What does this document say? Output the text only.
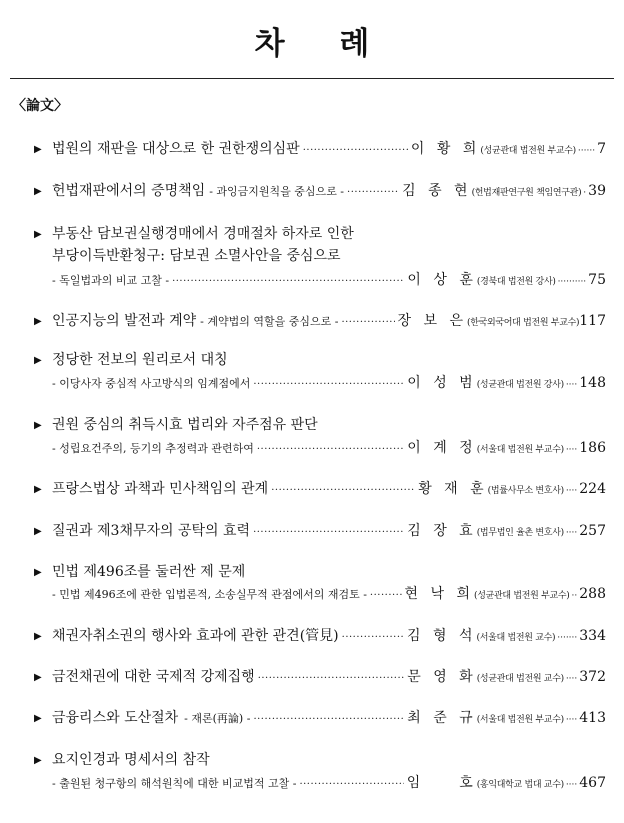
차 례
〈論文〉
▶ 법원의 재판을 대상으로 한 권한쟁의심판 ·····	이 황 희 (성균관대 법전원 부교수) ······ 7
▶ 헌법재판에서의 증명책임 - 과잉금지원칙을 중심으로 - ·····	김 종 현 (헌법재판연구원 책임연구관) · 39
▶ 부동산 담보권실행경매에서 경매절차 하자로 인한
부당이득반환청구: 담보권 소멸사안을 중심으로
- 독일법과의 비교 고찰 - ·····	이 상 훈 (경북대 법전원 강사) ·········· 75
▶ 인공지능의 발전과 계약 - 계약법의 역할을 중심으로 - ·····	장 보 은 (한국외국어대 법전원 부교수) 117
▶ 정당한 전보의 원리로서 대칭
- 이당사자 중심적 사고방식의 임계점에서 ·····	이 성 범 (성균관대 법전원 강사) ···· 148
▶ 권원 중심의 취득시효 법리와 자주점유 판단
- 성립요건주의, 등기의 추정력과 관련하여 ·····	이 계 정 (서울대 법전원 부교수) ···· 186
▶ 프랑스법상 과책과 민사책임의 관계 ·····	황 재 훈 (법률사무소 변호사) ···· 224
▶ 질권과 제3채무자의 공탁의 효력 ·····	김 장 효 (법무법인 율촌 변호사) ···· 257
▶ 민법 제496조를 둘러싼 제 문제
- 민법 제496조에 관한 입법론적, 소송실무적 관점에서의 재검토 - ·····	현 낙 희 (성균관대 법전원 부교수) ·· 288
▶ 채권자취소권의 행사와 효과에 관한 관견(管見) ·····	김 형 석 (서울대 법전원 교수) ······· 334
▶ 금전채권에 대한 국제적 강제집행 ·····	문 영 화 (성균관대 법전원 교수) ···· 372
▶ 금융리스와 도산절차 - 재론(再論) - ·····	최 준 규 (서울대 법전원 부교수) ···· 413
▶ 요지인경과 명세서의 참작
- 출원된 청구항의 해석원칙에 대한 비교법적 고찰 - ·····	임 　 호 (홍익대학교 법대 교수) ···· 467
